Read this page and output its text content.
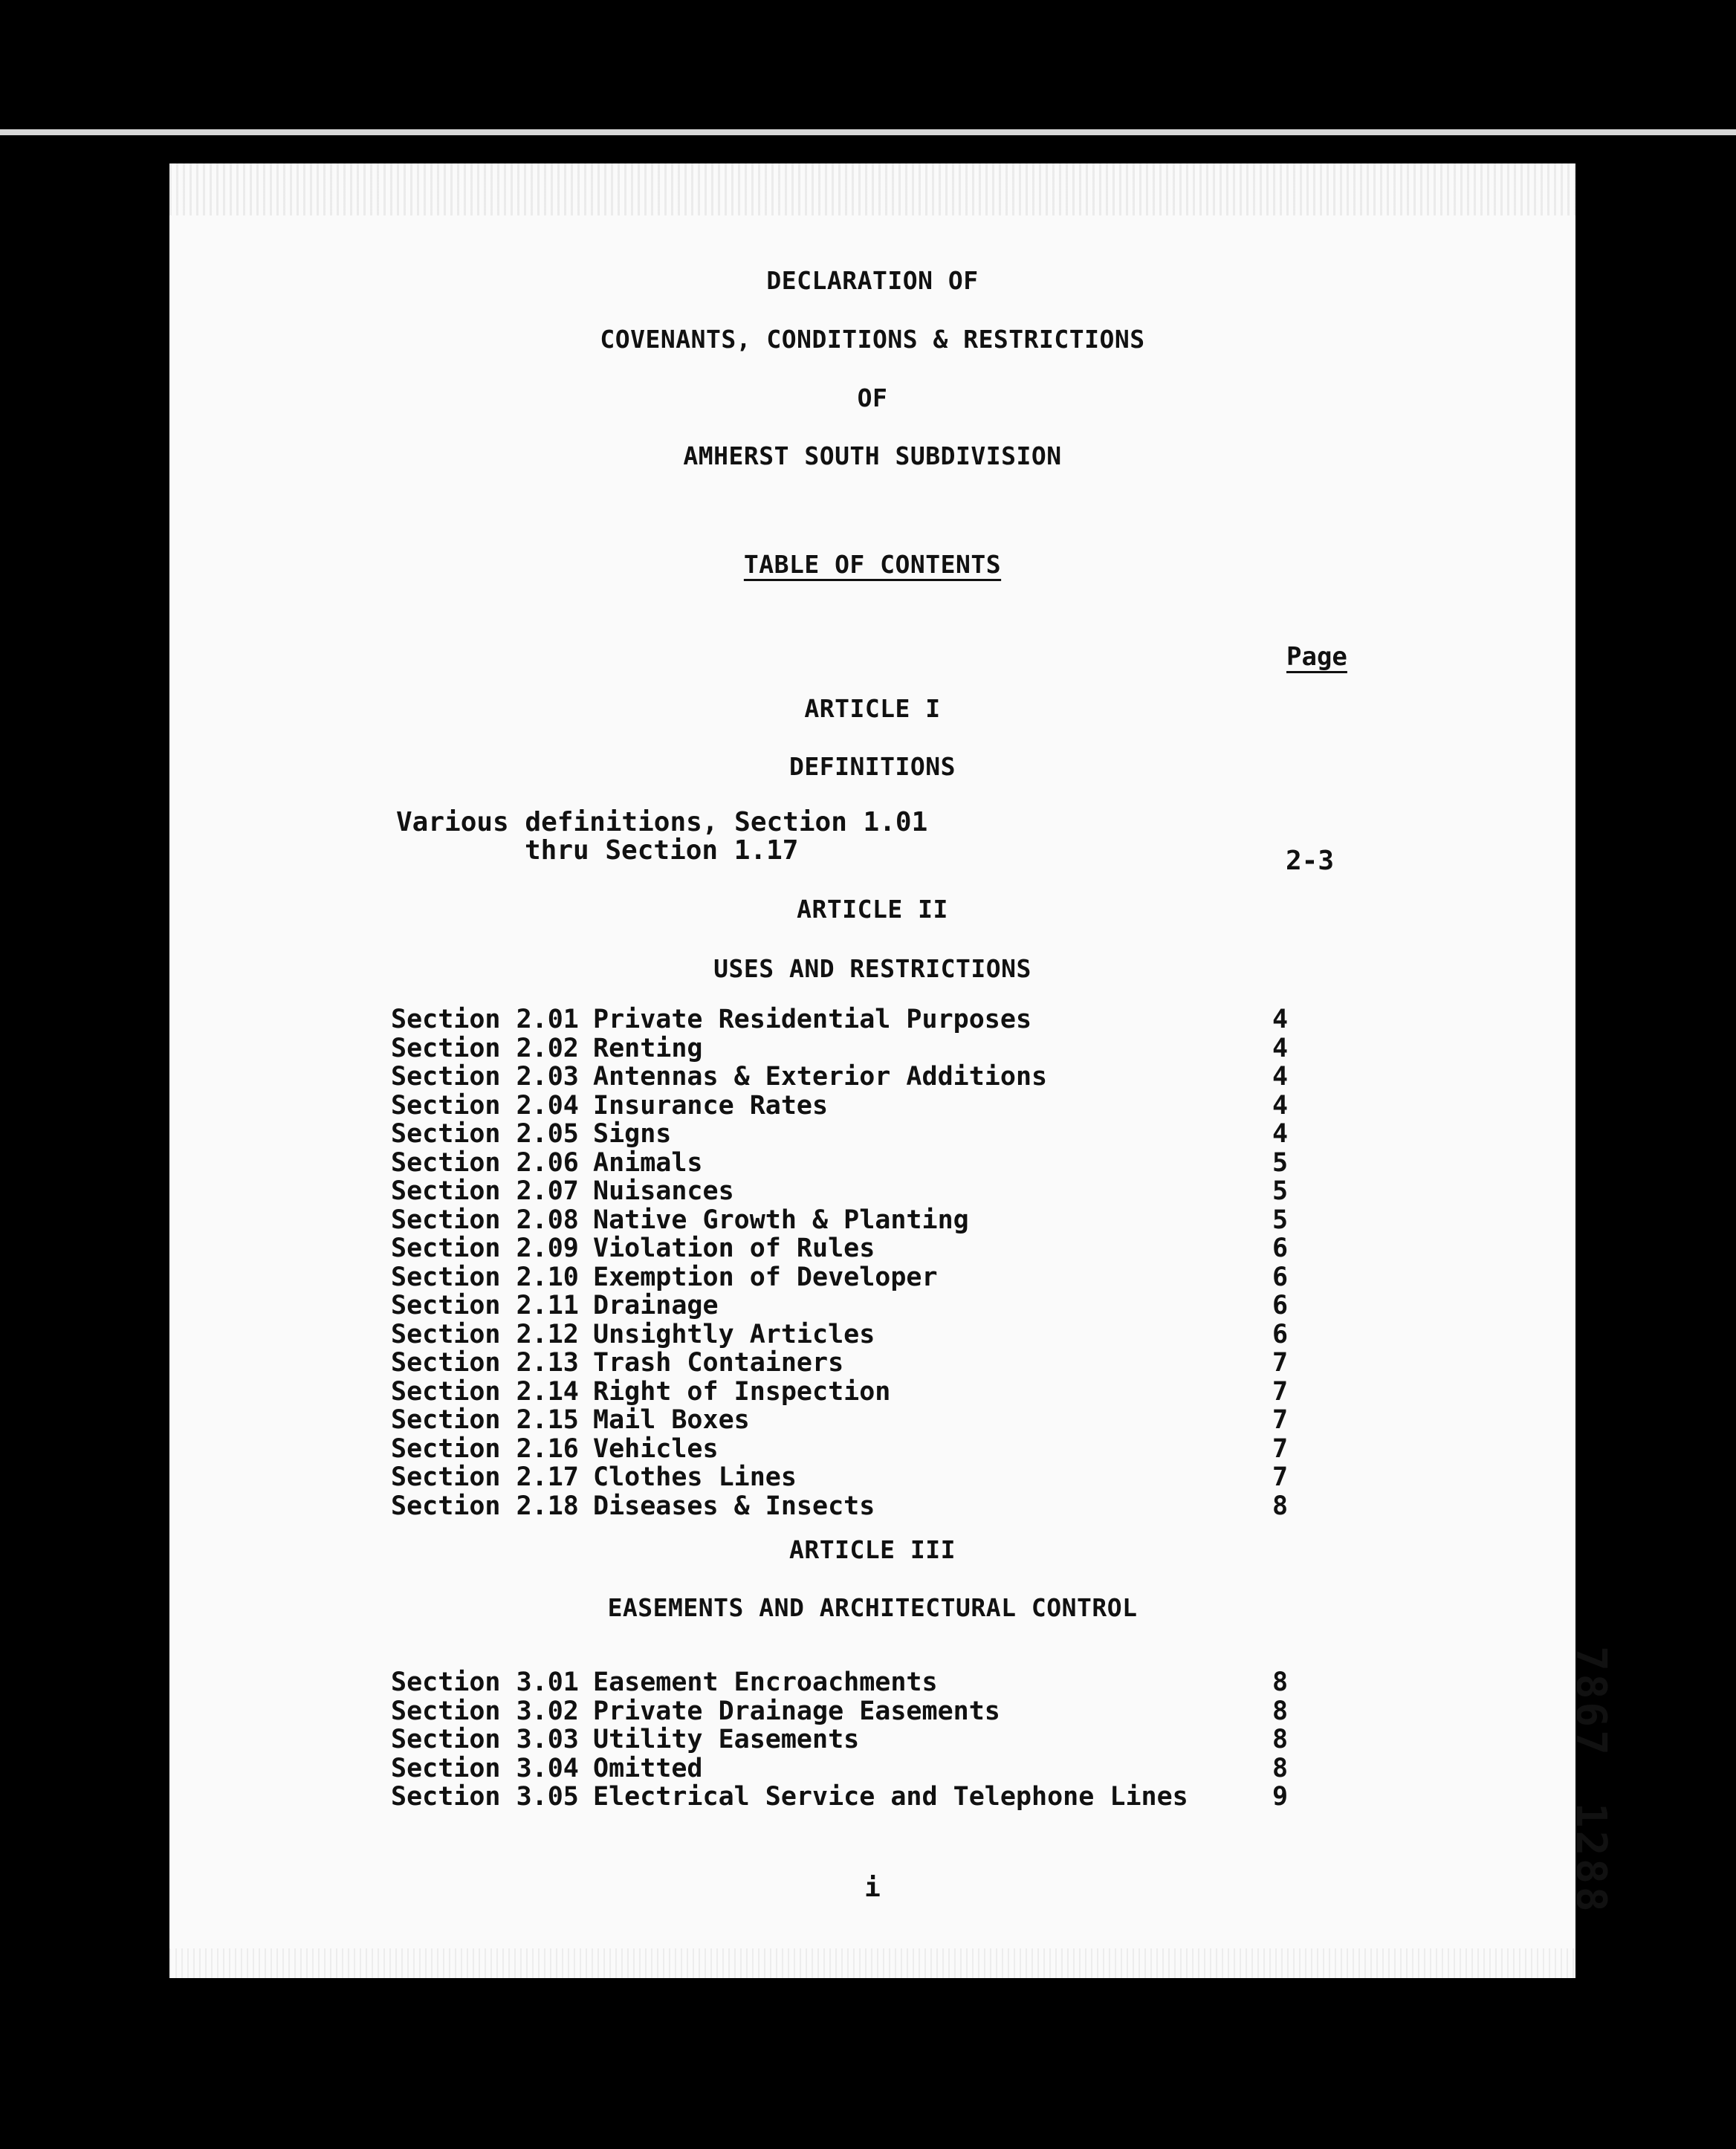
DECLARATION OF
COVENANTS, CONDITIONS & RESTRICTIONS
OF
AMHERST SOUTH SUBDIVISION
TABLE OF CONTENTS
Page
ARTICLE I
DEFINITIONS
Various definitions, Section 1.01
thru Section 1.17	2-3
ARTICLE II
USES AND RESTRICTIONS
Section 2.01 Private Residential Purposes	4
Section 2.02 Renting	4
Section 2.03 Antennas & Exterior Additions	4
Section 2.04 Insurance Rates	4
Section 2.05 Signs	4
Section 2.06 Animals	5
Section 2.07 Nuisances	5
Section 2.08 Native Growth & Planting	5
Section 2.09 Violation of Rules	6
Section 2.10 Exemption of Developer	6
Section 2.11 Drainage	6
Section 2.12 Unsightly Articles	6
Section 2.13 Trash Containers	7
Section 2.14 Right of Inspection	7
Section 2.15 Mail Boxes	7
Section 2.16 Vehicles	7
Section 2.17 Clothes Lines	7
Section 2.18 Diseases & Insects	8
ARTICLE III
EASEMENTS AND ARCHITECTURAL CONTROL
Section 3.01 Easement Encroachments	8
Section 3.02 Private Drainage Easements	8
Section 3.03 Utility Easements	8
Section 3.04 Omitted	8
Section 3.05 Electrical Service and Telephone Lines	9
i
78671288
